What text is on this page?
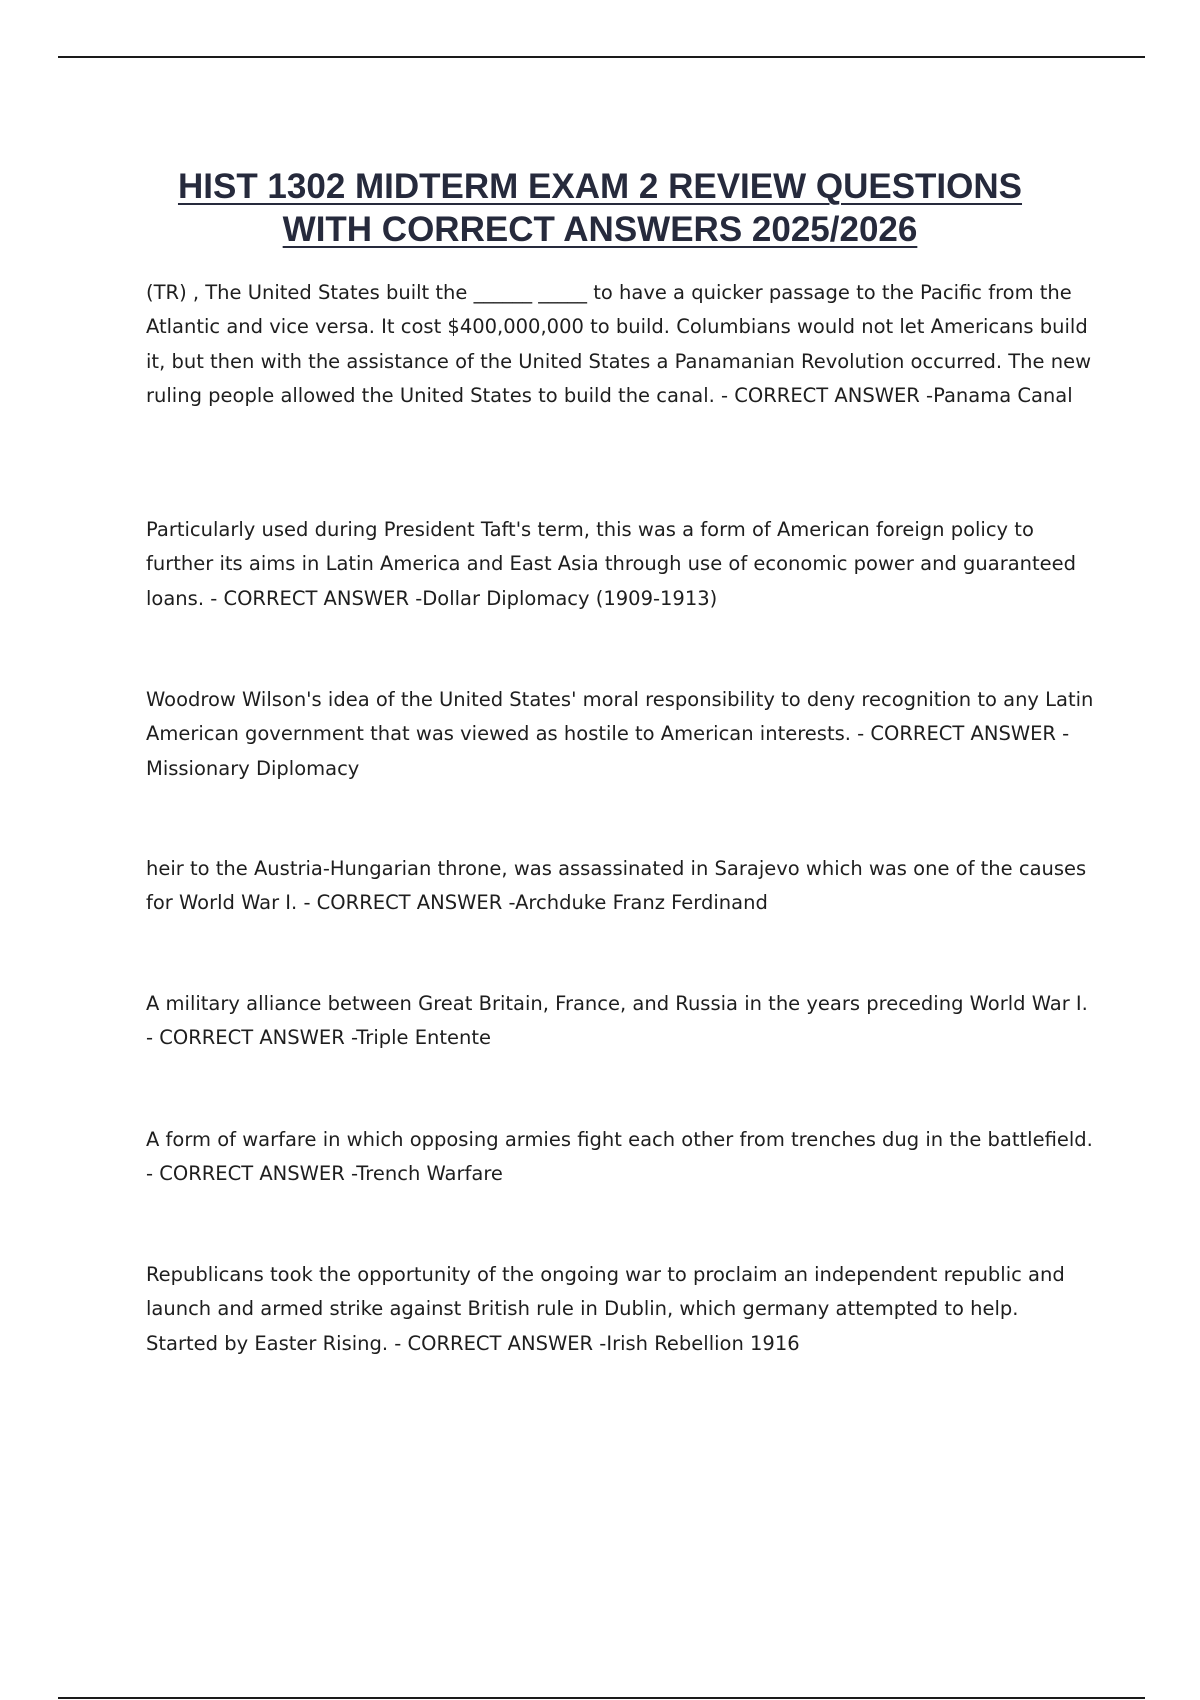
HIST 1302 MIDTERM EXAM 2 REVIEW QUESTIONS
WITH CORRECT ANSWERS 2025/2026

(TR) , The United States built the ______ _____ to have a quicker passage to the Pacific from the Atlantic and vice versa. It cost $400,000,000 to build. Columbians would not let Americans build it, but then with the assistance of the United States a Panamanian Revolution occurred. The new ruling people allowed the United States to build the canal. - CORRECT ANSWER -Panama Canal

Particularly used during President Taft's term, this was a form of American foreign policy to further its aims in Latin America and East Asia through use of economic power and guaranteed loans. - CORRECT ANSWER -Dollar Diplomacy (1909-1913)

Woodrow Wilson's idea of the United States' moral responsibility to deny recognition to any Latin American government that was viewed as hostile to American interests. - CORRECT ANSWER -Missionary Diplomacy

heir to the Austria-Hungarian throne, was assassinated in Sarajevo which was one of the causes for World War I. - CORRECT ANSWER -Archduke Franz Ferdinand

A military alliance between Great Britain, France, and Russia in the years preceding World War I. - CORRECT ANSWER -Triple Entente

A form of warfare in which opposing armies fight each other from trenches dug in the battlefield. - CORRECT ANSWER -Trench Warfare

Republicans took the opportunity of the ongoing war to proclaim an independent republic and launch and armed strike against British rule in Dublin, which germany attempted to help. Started by Easter Rising. - CORRECT ANSWER -Irish Rebellion 1916
